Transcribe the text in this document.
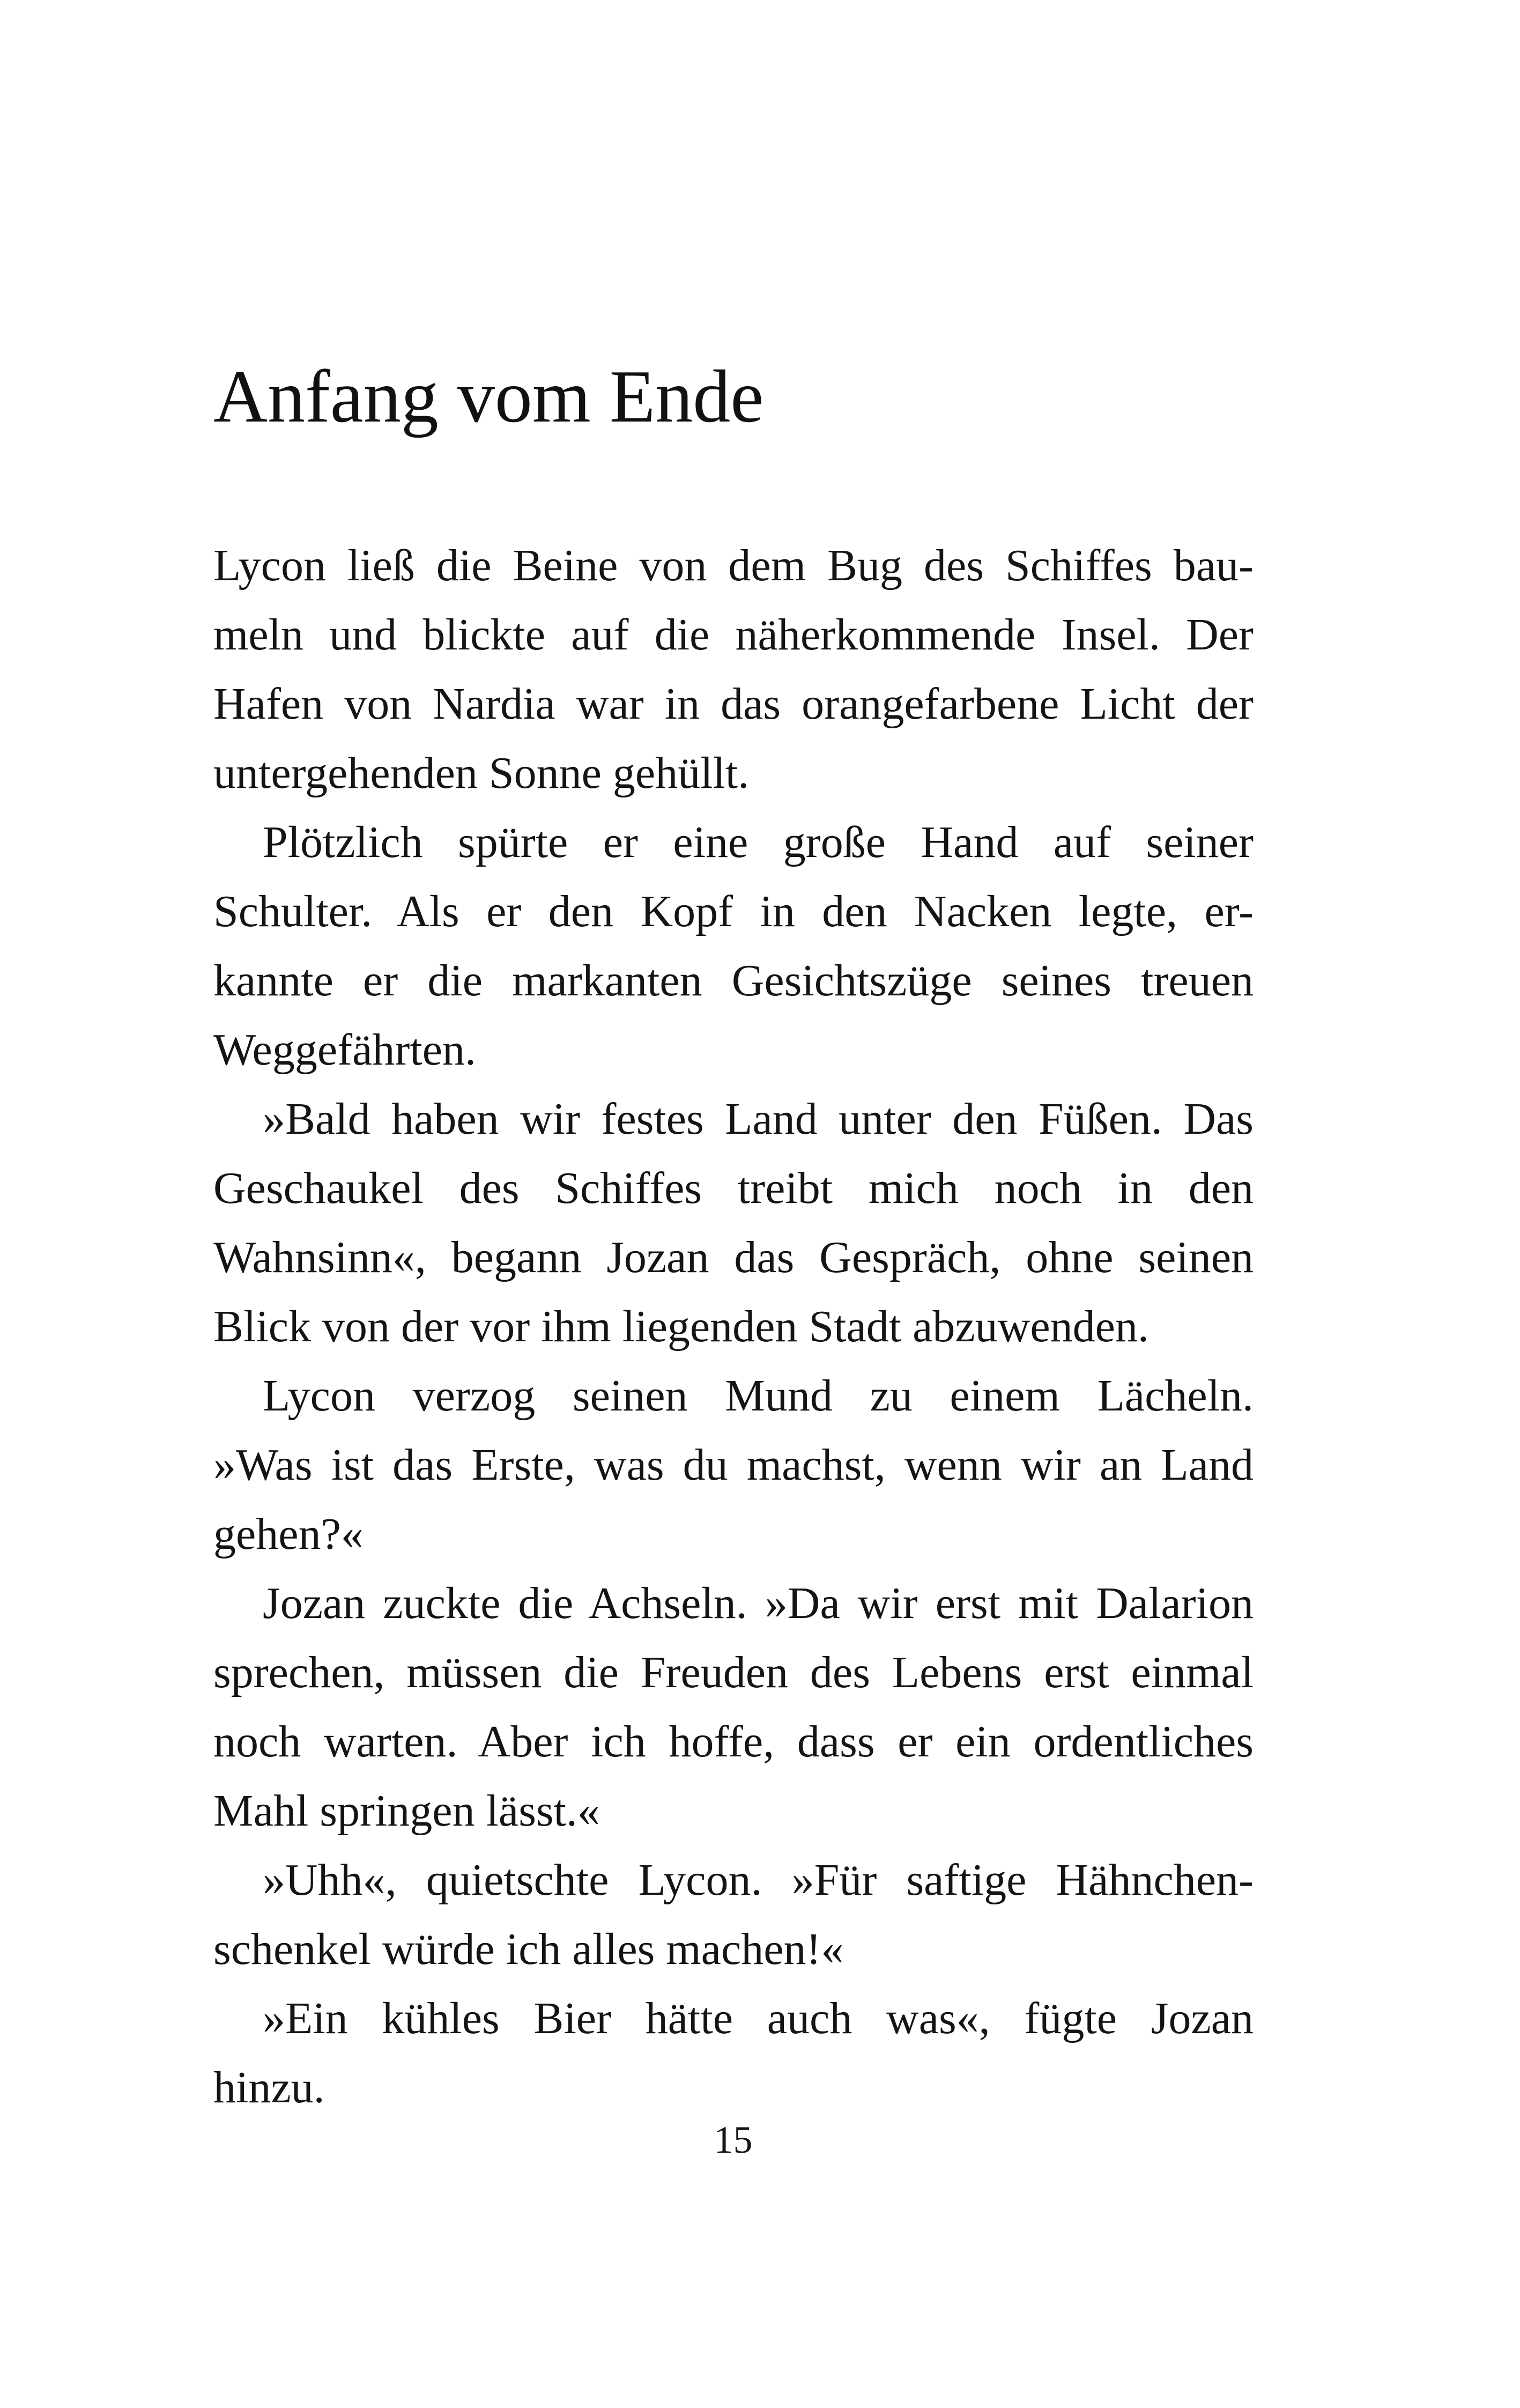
Anfang vom Ende
Lycon ließ die Beine von dem Bug des Schiffes bau-
meln und blickte auf die näherkommende Insel. Der
Hafen von Nardia war in das orangefarbene Licht der
untergehenden Sonne gehüllt.
Plötzlich spürte er eine große Hand auf seiner
Schulter. Als er den Kopf in den Nacken legte, er-
kannte er die markanten Gesichtszüge seines treuen
Weggefährten.
»Bald haben wir festes Land unter den Füßen. Das
Geschaukel des Schiffes treibt mich noch in den
Wahnsinn«, begann Jozan das Gespräch, ohne seinen
Blick von der vor ihm liegenden Stadt abzuwenden.
Lycon verzog seinen Mund zu einem Lächeln.
»Was ist das Erste, was du machst, wenn wir an Land
gehen?«
Jozan zuckte die Achseln. »Da wir erst mit Dalarion
sprechen, müssen die Freuden des Lebens erst einmal
noch warten. Aber ich hoffe, dass er ein ordentliches
Mahl springen lässt.«
»Uhh«, quietschte Lycon. »Für saftige Hähnchen-
schenkel würde ich alles machen!«
»Ein kühles Bier hätte auch was«, fügte Jozan
hinzu.
15
